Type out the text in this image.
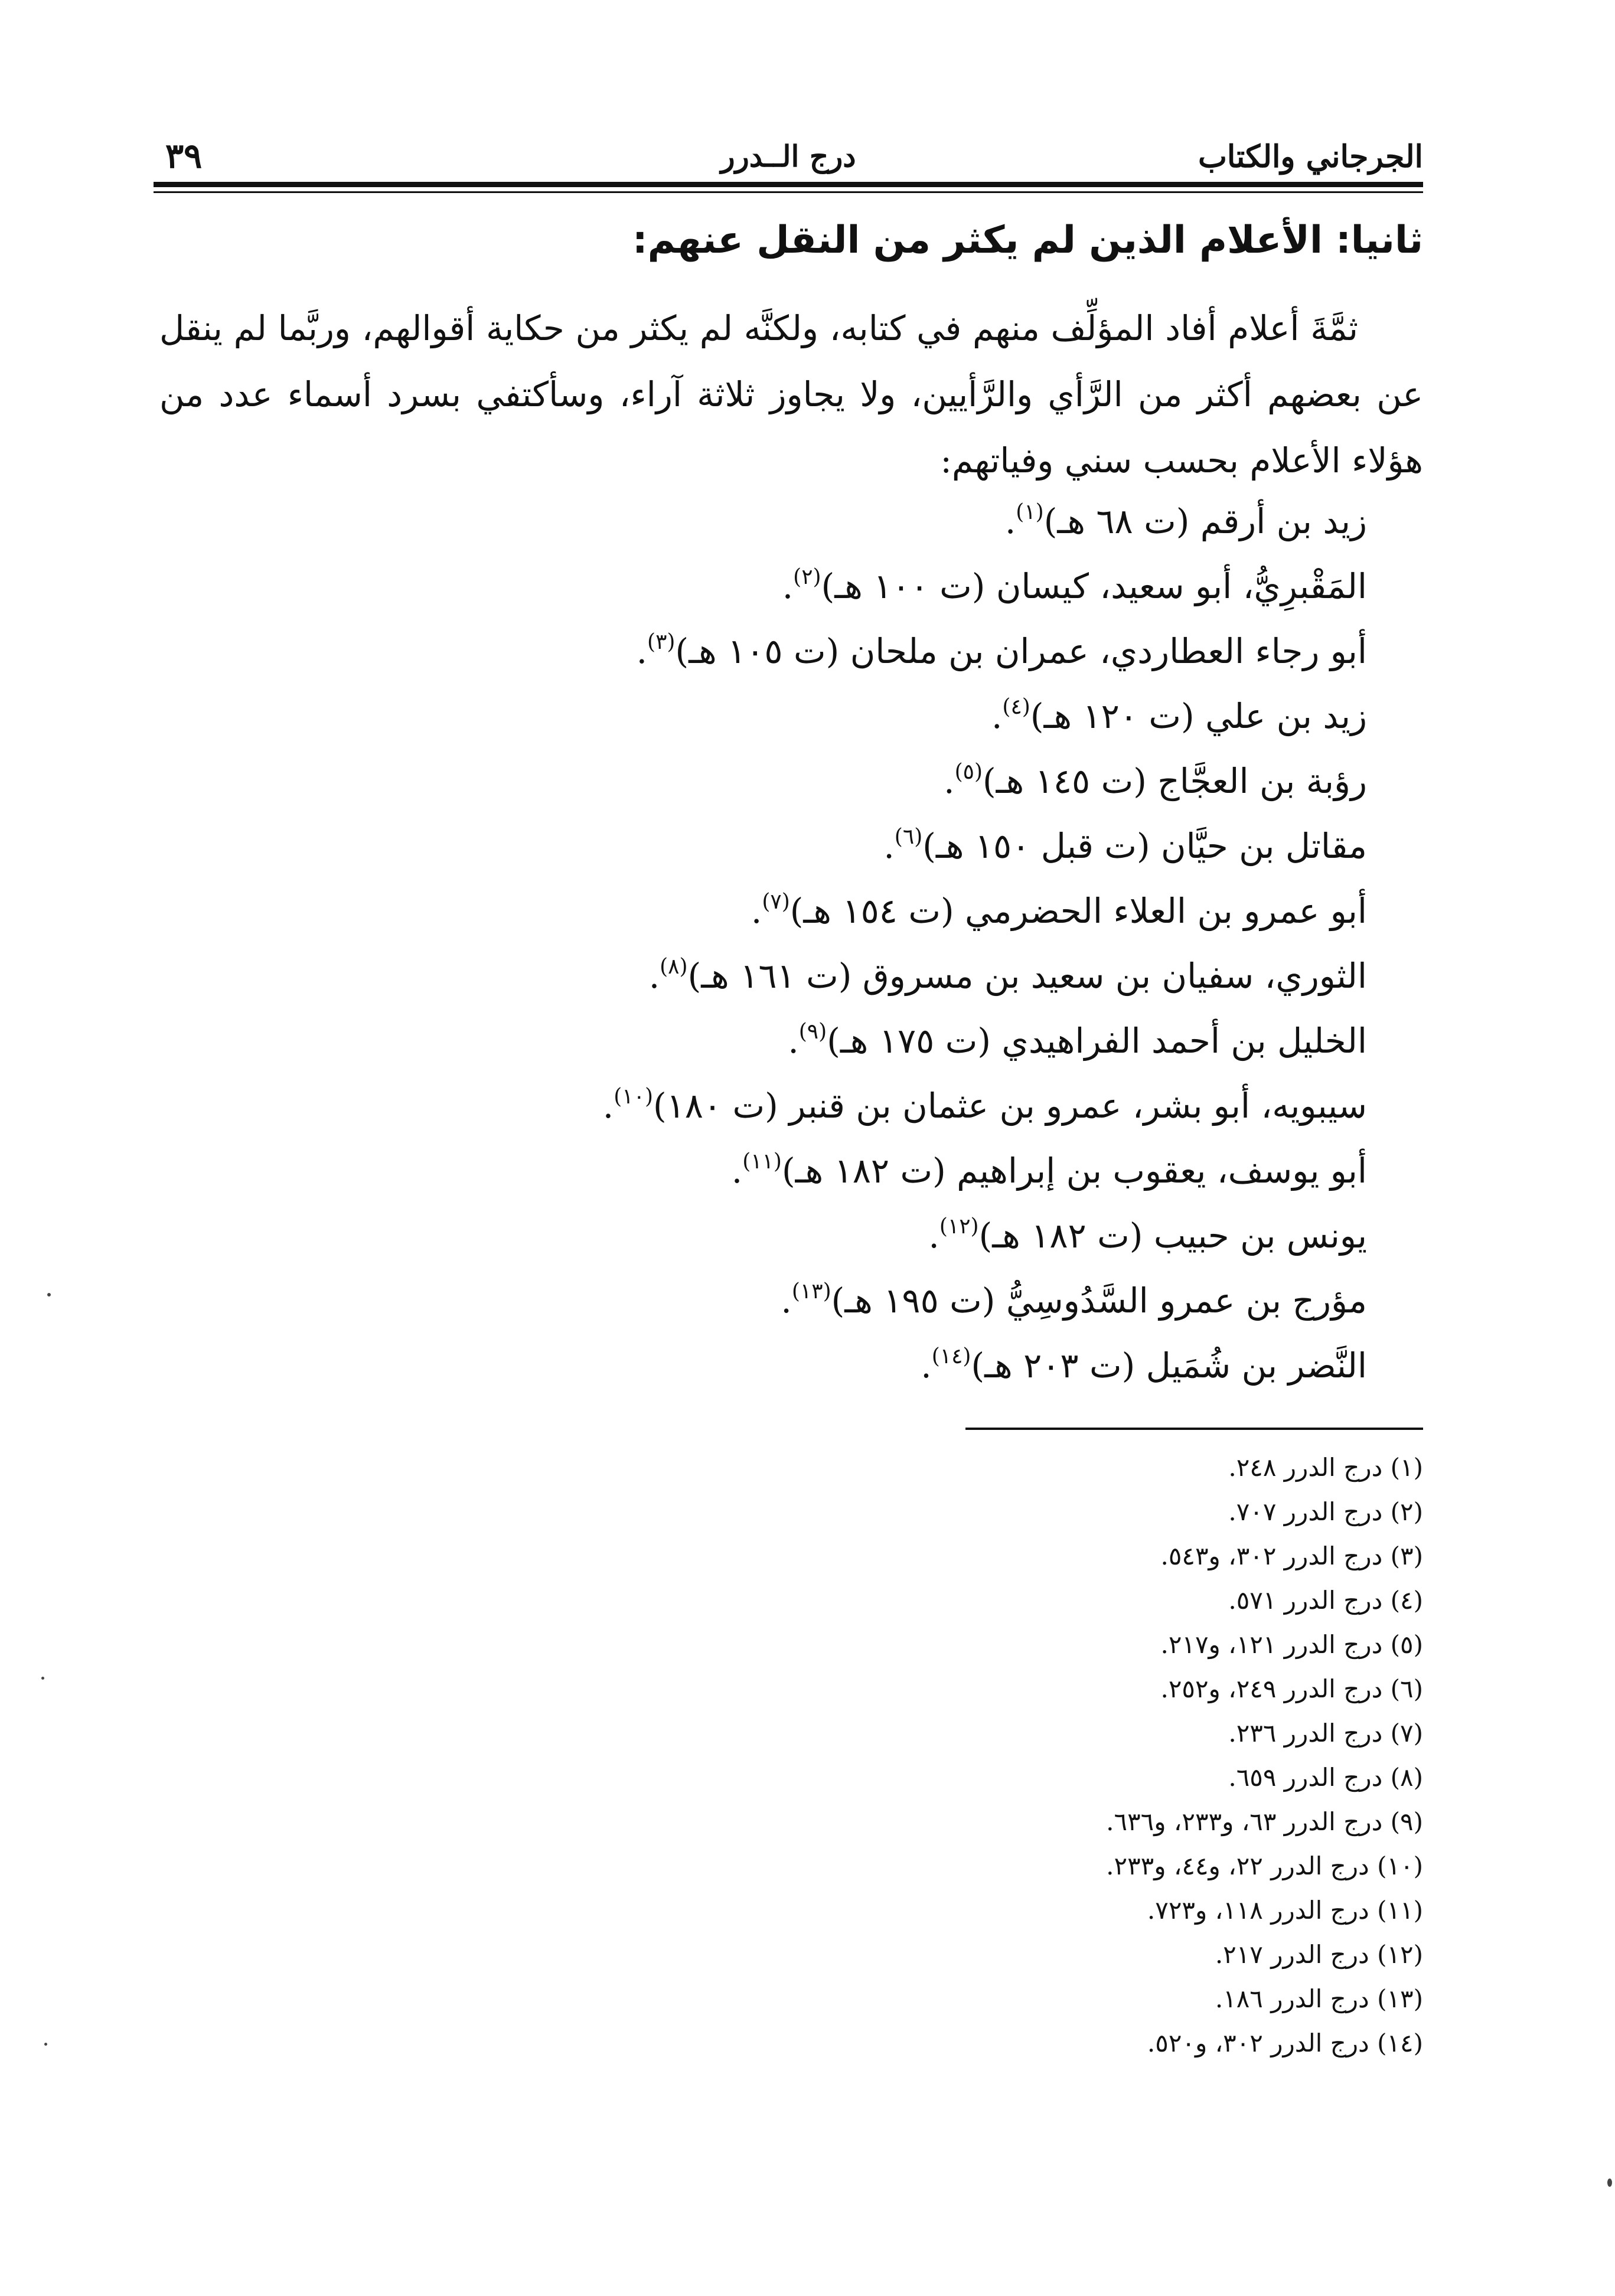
الجرجاني والكتاب
درج الــدرر
٣٩
ثانيا: الأعلام الذين لم يكثر من النقل عنهم:

ثمَّةَ أعلام أفاد المؤلِّف منهم في كتابه، ولكنَّه لم يكثر من حكاية أقوالهم، وربَّما لم ينقل عن بعضهم أكثر من الرَّأي والرَّأيين، ولا يجاوز ثلاثة آراء، وسأكتفي بسرد أسماء عدد من هؤلاء الأعلام بحسب سني وفياتهم:

زيد بن أرقم (ت ٦٨ هـ)$^{(١)}$.
المَقْبرِيُّ، أبو سعيد، كيسان (ت ١٠٠ هـ)$^{(٢)}$.
أبو رجاء العطاردي، عمران بن ملحان (ت ١٠٥ هـ)$^{(٣)}$.
زيد بن علي (ت ١٢٠ هـ)$^{(٤)}$.
رؤبة بن العجَّاج (ت ١٤٥ هـ)$^{(٥)}$.
مقاتل بن حيَّان (ت قبل ١٥٠ هـ)$^{(٦)}$.
أبو عمرو بن العلاء الحضرمي (ت ١٥٤ هـ)$^{(٧)}$.
الثوري، سفيان بن سعيد بن مسروق (ت ١٦١ هـ)$^{(٨)}$.
الخليل بن أحمد الفراهيدي (ت ١٧٥ هـ)$^{(٩)}$.
سيبويه، أبو بشر، عمرو بن عثمان بن قنبر (ت ١٨٠)$^{(١٠)}$.
أبو يوسف، يعقوب بن إبراهيم (ت ١٨٢ هـ)$^{(١١)}$.
يونس بن حبيب (ت ١٨٢ هـ)$^{(١٢)}$.
مؤرج بن عمرو السَّدُوسِيُّ (ت ١٩٥ هـ)$^{(١٣)}$.
النَّضر بن شُمَيل (ت ٢٠٣ هـ)$^{(١٤)}$.
(١) درج الدرر ٢٤٨.
(٢) درج الدرر ٧٠٧.
(٣) درج الدرر ٣٠٢، و٥٤٣.
(٤) درج الدرر ٥٧١.
(٥) درج الدرر ١٢١، و٢١٧.
(٦) درج الدرر ٢٤٩، و٢٥٢.
(٧) درج الدرر ٢٣٦.
(٨) درج الدرر ٦٥٩.
(٩) درج الدرر ٦٣، و٢٣٣، و٦٣٦.
(١٠) درج الدرر ٢٢، و٤٤، و٢٣٣.
(١١) درج الدرر ١١٨، و٧٢٣.
(١٢) درج الدرر ٢١٧.
(١٣) درج الدرر ١٨٦.
(١٤) درج الدرر ٣٠٢، و٥٢٠.
